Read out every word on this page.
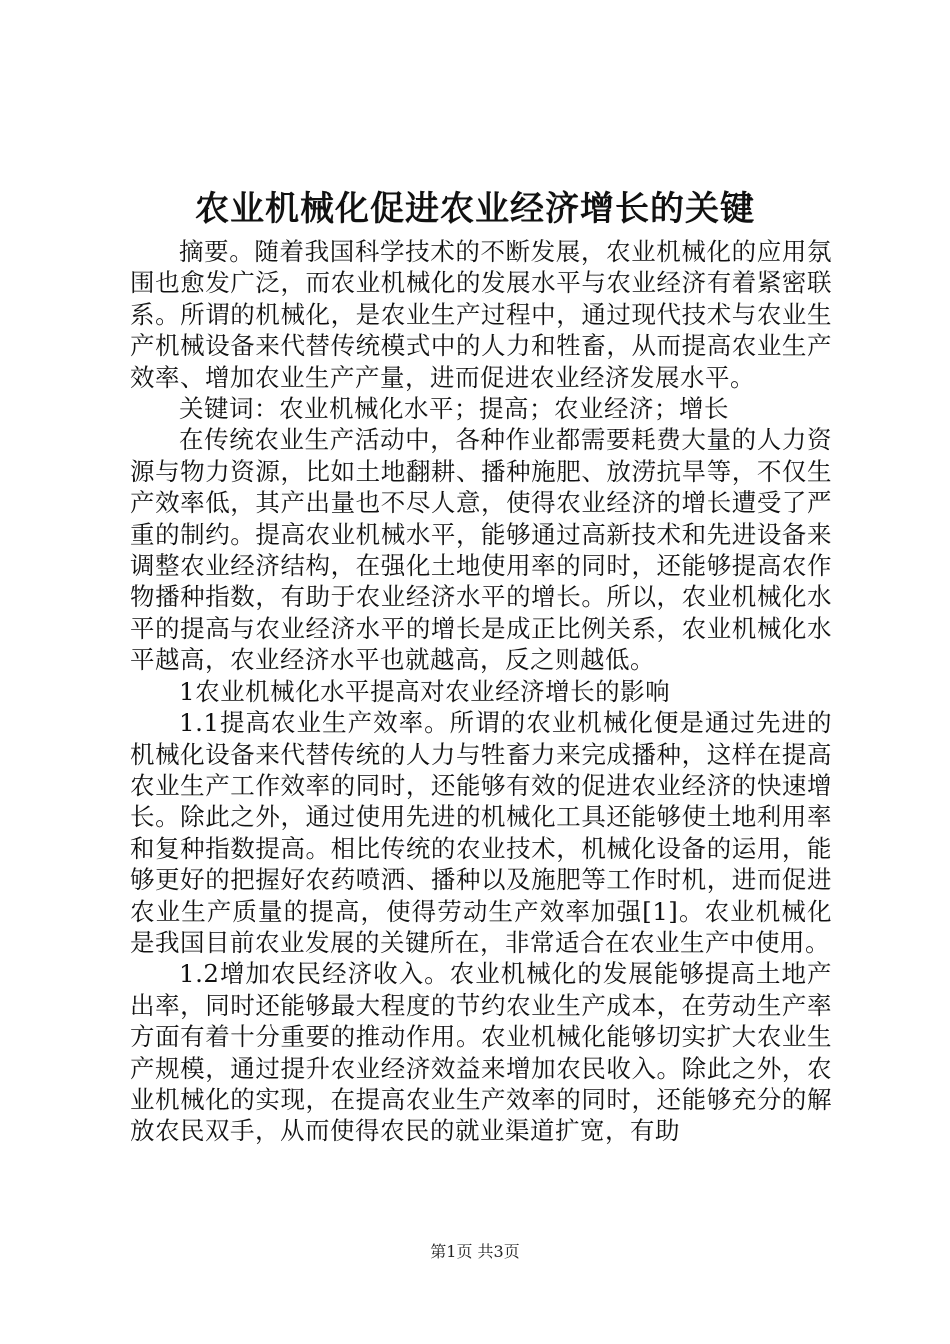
农业机械化促进农业经济增长的关键

摘要。随着我国科学技术的不断发展，农业机械化的应用氛围也愈发广泛，而农业机械化的发展水平与农业经济有着紧密联系。所谓的机械化，是农业生产过程中，通过现代技术与农业生产机械设备来代替传统模式中的人力和牲畜，从而提高农业生产效率、增加农业生产产量，进而促进农业经济发展水平。

关键词：农业机械化水平；提高；农业经济；增长

在传统农业生产活动中，各种作业都需要耗费大量的人力资源与物力资源，比如土地翻耕、播种施肥、放涝抗旱等，不仅生产效率低，其产出量也不尽人意，使得农业经济的增长遭受了严重的制约。提高农业机械水平，能够通过高新技术和先进设备来调整农业经济结构，在强化土地使用率的同时，还能够提高农作物播种指数，有助于农业经济水平的增长。所以，农业机械化水平的提高与农业经济水平的增长是成正比例关系，农业机械化水平越高，农业经济水平也就越高，反之则越低。

1农业机械化水平提高对农业经济增长的影响

1.1提高农业生产效率。所谓的农业机械化便是通过先进的机械化设备来代替传统的人力与牲畜力来完成播种，这样在提高农业生产工作效率的同时，还能够有效的促进农业经济的快速增长。除此之外，通过使用先进的机械化工具还能够使土地利用率和复种指数提高。相比传统的农业技术，机械化设备的运用，能够更好的把握好农药喷洒、播种以及施肥等工作时机，进而促进农业生产质量的提高，使得劳动生产效率加强[1]。农业机械化是我国目前农业发展的关键所在，非常适合在农业生产中使用。

1.2增加农民经济收入。农业机械化的发展能够提高土地产出率，同时还能够最大程度的节约农业生产成本，在劳动生产率方面有着十分重要的推动作用。农业机械化能够切实扩大农业生产规模，通过提升农业经济效益来增加农民收入。除此之外，农业机械化的实现，在提高农业生产效率的同时，还能够充分的解放农民双手，从而使得农民的就业渠道扩宽，有助

第1页 共3页
